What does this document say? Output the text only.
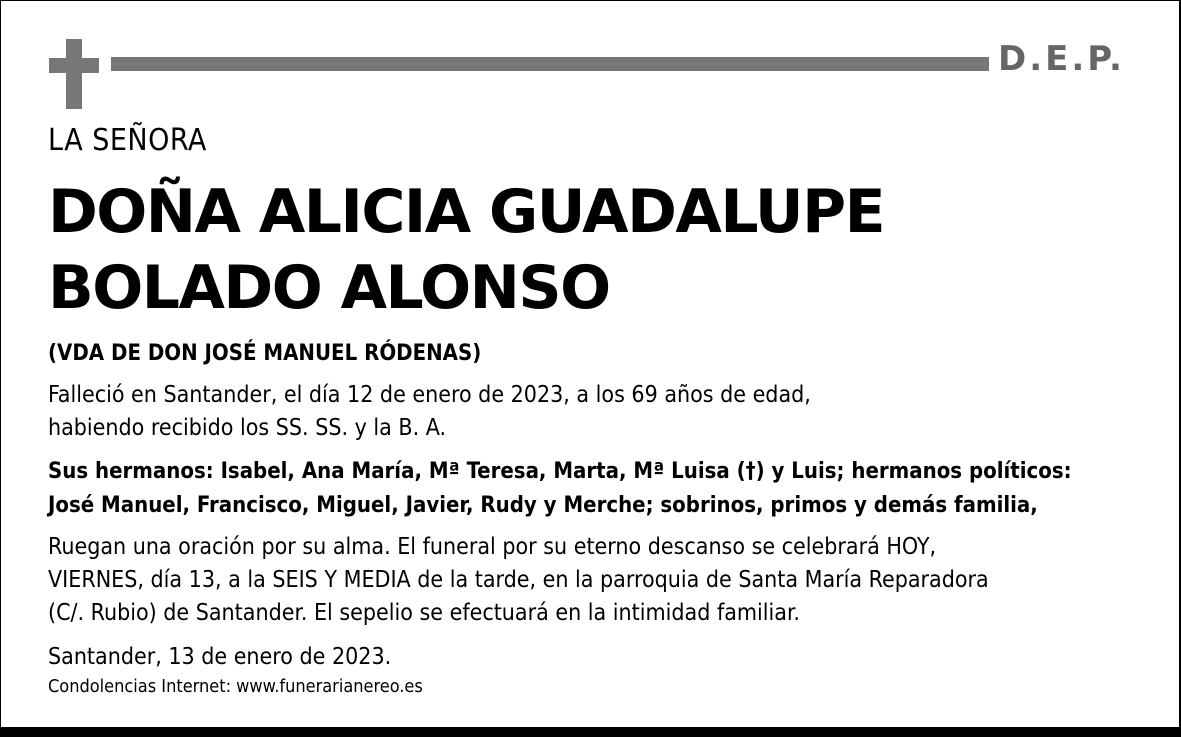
D.E.P.
LA SEÑORA
DOÑA ALICIA GUADALUPE
BOLADO ALONSO
(VDA DE DON JOSÉ MANUEL RÓDENAS)
Falleció en Santander, el día 12 de enero de 2023, a los 69 años de edad,
habiendo recibido los SS. SS. y la B. A.
Sus hermanos: Isabel, Ana María, Mª Teresa, Marta, Mª Luisa (†) y Luis; hermanos políticos:
José Manuel, Francisco, Miguel, Javier, Rudy y Merche; sobrinos, primos y demás familia,
Ruegan una oración por su alma. El funeral por su eterno descanso se celebrará HOY,
VIERNES, día 13, a la SEIS Y MEDIA de la tarde, en la parroquia de Santa María Reparadora
(C/. Rubio) de Santander. El sepelio se efectuará en la intimidad familiar.
Santander, 13 de enero de 2023.
Condolencias Internet: www.funerarianereo.es
